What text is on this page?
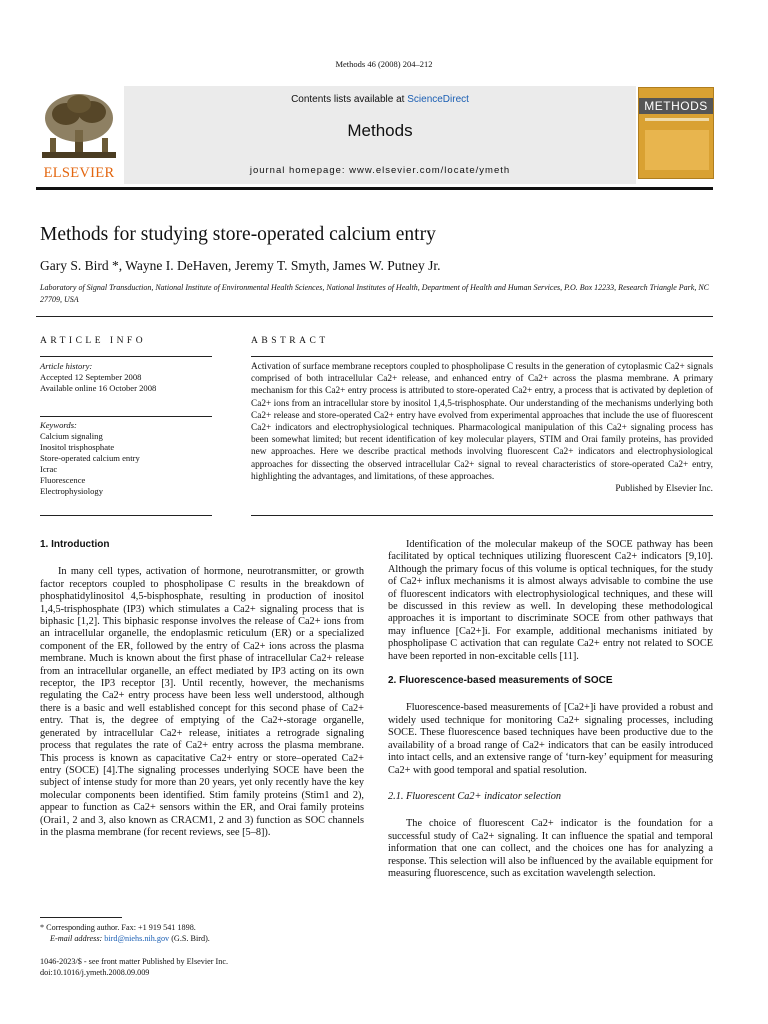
Methods 46 (2008) 204–212
ELSEVIER
Contents lists available at ScienceDirect
Methods
journal homepage: www.elsevier.com/locate/ymeth
METHODS
Methods for studying store-operated calcium entry
Gary S. Bird *, Wayne I. DeHaven, Jeremy T. Smyth, James W. Putney Jr.
Laboratory of Signal Transduction, National Institute of Environmental Health Sciences, National Institutes of Health, Department of Health and Human Services, P.O. Box 12233, Research Triangle Park, NC 27709, USA
ARTICLE INFO
Article history:
Accepted 12 September 2008
Available online 16 October 2008
Keywords:
Calcium signaling
Inositol trisphosphate
Store-operated calcium entry
Icrac
Fluorescence
Electrophysiology
ABSTRACT
Activation of surface membrane receptors coupled to phospholipase C results in the generation of cytoplasmic Ca2+ signals comprised of both intracellular Ca2+ release, and enhanced entry of Ca2+ across the plasma membrane. A primary mechanism for this Ca2+ entry process is attributed to store-operated Ca2+ entry, a process that is activated by depletion of Ca2+ ions from an intracellular store by inositol 1,4,5-trisphosphate. Our understanding of the mechanisms underlying both Ca2+ release and store-operated Ca2+ entry have evolved from experimental approaches that include the use of fluorescent Ca2+ indicators and electrophysiological techniques. Pharmacological manipulation of this Ca2+ signaling process has been somewhat limited; but recent identification of key molecular players, STIM and Orai family proteins, has provided new approaches. Here we describe practical methods involving fluorescent Ca2+ indicators and electrophysiological approaches for dissecting the observed intracellular Ca2+ signal to reveal characteristics of store-operated Ca2+ entry, highlighting the advantages, and limitations, of these approaches.
Published by Elsevier Inc.
1. Introduction

In many cell types, activation of hormone, neurotransmitter, or growth factor receptors coupled to phospholipase C results in the breakdown of phosphatidylinositol 4,5-bisphosphate, resulting in production of inositol 1,4,5-trisphosphate (IP3) which stimulates a Ca2+ signaling process that is biphasic [1,2]. This biphasic response involves the release of Ca2+ ions from an intracellular organelle, the endoplasmic reticulum (ER) or a specialized component of the ER, followed by the entry of Ca2+ ions across the plasma membrane. Much is known about the first phase of intracellular Ca2+ release from an intracellular organelle, an effect mediated by IP3 acting on its own receptor, the IP3 receptor [3]. Until recently, however, the mechanisms regulating the Ca2+ entry process have been less well understood, although there is a basic and well established concept for this second phase of Ca2+ entry. That is, the degree of emptying of the Ca2+-storage organelle, generated by intracellular Ca2+ release, initiates a retrograde signaling process that regulates the rate of Ca2+ entry across the plasma membrane. This process is known as capacitative Ca2+ entry or store–operated Ca2+ entry (SOCE) [4].The signaling processes underlying SOCE have been the subject of intense study for more than 20 years, yet only recently have the key molecular components been identified. Stim family proteins (Stim1 and 2), appear to function as Ca2+ sensors within the ER, and Orai family proteins (Orai1, 2 and 3, also known as CRACM1, 2 and 3) function as SOC channels in the plasma membrane (for recent reviews, see [5–8]).

* Corresponding author. Fax: +1 919 541 1898.
E-mail address: bird@niehs.nih.gov (G.S. Bird).
1046-2023/$ - see front matter Published by Elsevier Inc.
doi:10.1016/j.ymeth.2008.09.009

Identification of the molecular makeup of the SOCE pathway has been facilitated by optical techniques utilizing fluorescent Ca2+ indicators [9,10]. Although the primary focus of this volume is optical techniques, for the study of Ca2+ influx mechanisms it is almost always advisable to combine the use of fluorescent indicators with electrophysiological techniques, and these will be discussed in this review as well. In developing these methodological approaches it is important to discriminate SOCE from other pathways that may influence [Ca2+]i. For example, additional mechanisms initiated by phospholipase C activation that can regulate Ca2+ entry not related to SOCE have been reported in non-excitable cells [11].

2. Fluorescence-based measurements of SOCE

Fluorescence-based measurements of [Ca2+]i have provided a robust and widely used technique for monitoring Ca2+ signaling processes, including SOCE. These fluorescence based techniques have been productive due to the availability of a broad range of Ca2+ indicators that can be easily introduced into intact cells, and an extensive range of ‘turn-key’ equipment for measuring Ca2+ with good temporal and spatial resolution.

2.1. Fluorescent Ca2+ indicator selection

The choice of fluorescent Ca2+ indicator is the foundation for a successful study of Ca2+ signaling. It can influence the spatial and temporal information that one can collect, and the choices one has for analyzing a response. This selection will also be influenced by the available equipment for measuring fluorescence, such as excitation wavelength selection.
